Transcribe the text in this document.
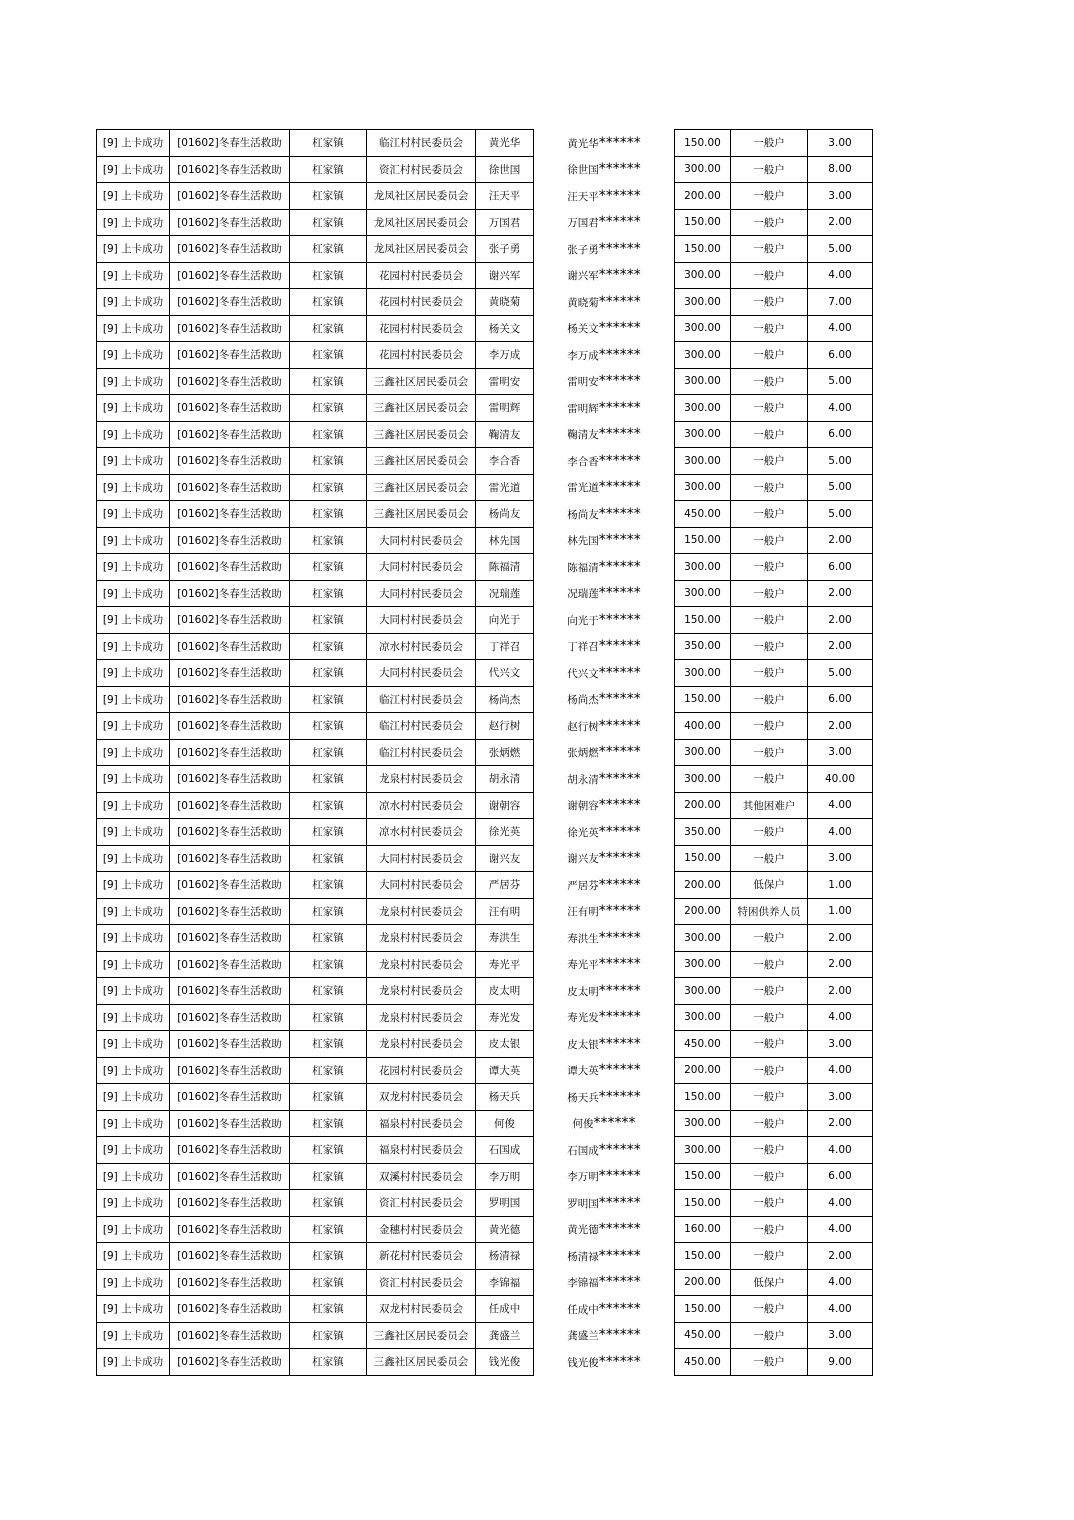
[9] 上卡成功	[01602]冬春生活救助	杠家镇	临江村村民委员会	黄光华	黄光华******	150.00	一般户	3.00
[9] 上卡成功	[01602]冬春生活救助	杠家镇	资汇村村民委员会	徐世国	徐世国******	300.00	一般户	8.00
[9] 上卡成功	[01602]冬春生活救助	杠家镇	龙凤社区居民委员会	汪天平	汪天平******	200.00	一般户	3.00
[9] 上卡成功	[01602]冬春生活救助	杠家镇	龙凤社区居民委员会	万国君	万国君******	150.00	一般户	2.00
[9] 上卡成功	[01602]冬春生活救助	杠家镇	龙凤社区居民委员会	张子勇	张子勇******	150.00	一般户	5.00
[9] 上卡成功	[01602]冬春生活救助	杠家镇	花园村村民委员会	谢兴军	谢兴军******	300.00	一般户	4.00
[9] 上卡成功	[01602]冬春生活救助	杠家镇	花园村村民委员会	黄晓菊	黄晓菊******	300.00	一般户	7.00
[9] 上卡成功	[01602]冬春生活救助	杠家镇	花园村村民委员会	杨关文	杨关文******	300.00	一般户	4.00
[9] 上卡成功	[01602]冬春生活救助	杠家镇	花园村村民委员会	李万成	李万成******	300.00	一般户	6.00
[9] 上卡成功	[01602]冬春生活救助	杠家镇	三鑫社区居民委员会	雷明安	雷明安******	300.00	一般户	5.00
[9] 上卡成功	[01602]冬春生活救助	杠家镇	三鑫社区居民委员会	雷明辉	雷明辉******	300.00	一般户	4.00
[9] 上卡成功	[01602]冬春生活救助	杠家镇	三鑫社区居民委员会	鞠清友	鞠清友******	300.00	一般户	6.00
[9] 上卡成功	[01602]冬春生活救助	杠家镇	三鑫社区居民委员会	李合香	李合香******	300.00	一般户	5.00
[9] 上卡成功	[01602]冬春生活救助	杠家镇	三鑫社区居民委员会	雷光道	雷光道******	300.00	一般户	5.00
[9] 上卡成功	[01602]冬春生活救助	杠家镇	三鑫社区居民委员会	杨尚友	杨尚友******	450.00	一般户	5.00
[9] 上卡成功	[01602]冬春生活救助	杠家镇	大同村村民委员会	林先国	林先国******	150.00	一般户	2.00
[9] 上卡成功	[01602]冬春生活救助	杠家镇	大同村村民委员会	陈福清	陈福清******	300.00	一般户	6.00
[9] 上卡成功	[01602]冬春生活救助	杠家镇	大同村村民委员会	况瑞莲	况瑞莲******	300.00	一般户	2.00
[9] 上卡成功	[01602]冬春生活救助	杠家镇	大同村村民委员会	向光于	向光于******	150.00	一般户	2.00
[9] 上卡成功	[01602]冬春生活救助	杠家镇	凉水村村民委员会	丁祥召	丁祥召******	350.00	一般户	2.00
[9] 上卡成功	[01602]冬春生活救助	杠家镇	大同村村民委员会	代兴文	代兴文******	300.00	一般户	5.00
[9] 上卡成功	[01602]冬春生活救助	杠家镇	临江村村民委员会	杨尚杰	杨尚杰******	150.00	一般户	6.00
[9] 上卡成功	[01602]冬春生活救助	杠家镇	临江村村民委员会	赵行树	赵行树******	400.00	一般户	2.00
[9] 上卡成功	[01602]冬春生活救助	杠家镇	临江村村民委员会	张炳燃	张炳燃******	300.00	一般户	3.00
[9] 上卡成功	[01602]冬春生活救助	杠家镇	龙泉村村民委员会	胡永清	胡永清******	300.00	一般户	40.00
[9] 上卡成功	[01602]冬春生活救助	杠家镇	凉水村村民委员会	谢朝容	谢朝容******	200.00	其他困难户	4.00
[9] 上卡成功	[01602]冬春生活救助	杠家镇	凉水村村民委员会	徐光英	徐光英******	350.00	一般户	4.00
[9] 上卡成功	[01602]冬春生活救助	杠家镇	大同村村民委员会	谢兴友	谢兴友******	150.00	一般户	3.00
[9] 上卡成功	[01602]冬春生活救助	杠家镇	大同村村民委员会	严居芬	严居芬******	200.00	低保户	1.00
[9] 上卡成功	[01602]冬春生活救助	杠家镇	龙泉村村民委员会	汪有明	汪有明******	200.00	特困供养人员	1.00
[9] 上卡成功	[01602]冬春生活救助	杠家镇	龙泉村村民委员会	寿洪生	寿洪生******	300.00	一般户	2.00
[9] 上卡成功	[01602]冬春生活救助	杠家镇	龙泉村村民委员会	寿光平	寿光平******	300.00	一般户	2.00
[9] 上卡成功	[01602]冬春生活救助	杠家镇	龙泉村村民委员会	皮太明	皮太明******	300.00	一般户	2.00
[9] 上卡成功	[01602]冬春生活救助	杠家镇	龙泉村村民委员会	寿光发	寿光发******	300.00	一般户	4.00
[9] 上卡成功	[01602]冬春生活救助	杠家镇	龙泉村村民委员会	皮太银	皮太银******	450.00	一般户	3.00
[9] 上卡成功	[01602]冬春生活救助	杠家镇	花园村村民委员会	谭大英	谭大英******	200.00	一般户	4.00
[9] 上卡成功	[01602]冬春生活救助	杠家镇	双龙村村民委员会	杨天兵	杨天兵******	150.00	一般户	3.00
[9] 上卡成功	[01602]冬春生活救助	杠家镇	福泉村村民委员会	何俊	何俊******	300.00	一般户	2.00
[9] 上卡成功	[01602]冬春生活救助	杠家镇	福泉村村民委员会	石国成	石国成******	300.00	一般户	4.00
[9] 上卡成功	[01602]冬春生活救助	杠家镇	双溪村村民委员会	李万明	李万明******	150.00	一般户	6.00
[9] 上卡成功	[01602]冬春生活救助	杠家镇	资汇村村民委员会	罗明国	罗明国******	150.00	一般户	4.00
[9] 上卡成功	[01602]冬春生活救助	杠家镇	金穗村村民委员会	黄光德	黄光德******	160.00	一般户	4.00
[9] 上卡成功	[01602]冬春生活救助	杠家镇	新花村村民委员会	杨清禄	杨清禄******	150.00	一般户	2.00
[9] 上卡成功	[01602]冬春生活救助	杠家镇	资汇村村民委员会	李锦福	李锦福******	200.00	低保户	4.00
[9] 上卡成功	[01602]冬春生活救助	杠家镇	双龙村村民委员会	任成中	任成中******	150.00	一般户	4.00
[9] 上卡成功	[01602]冬春生活救助	杠家镇	三鑫社区居民委员会	龚盛兰	龚盛兰******	450.00	一般户	3.00
[9] 上卡成功	[01602]冬春生活救助	杠家镇	三鑫社区居民委员会	钱光俊	钱光俊******	450.00	一般户	9.00
